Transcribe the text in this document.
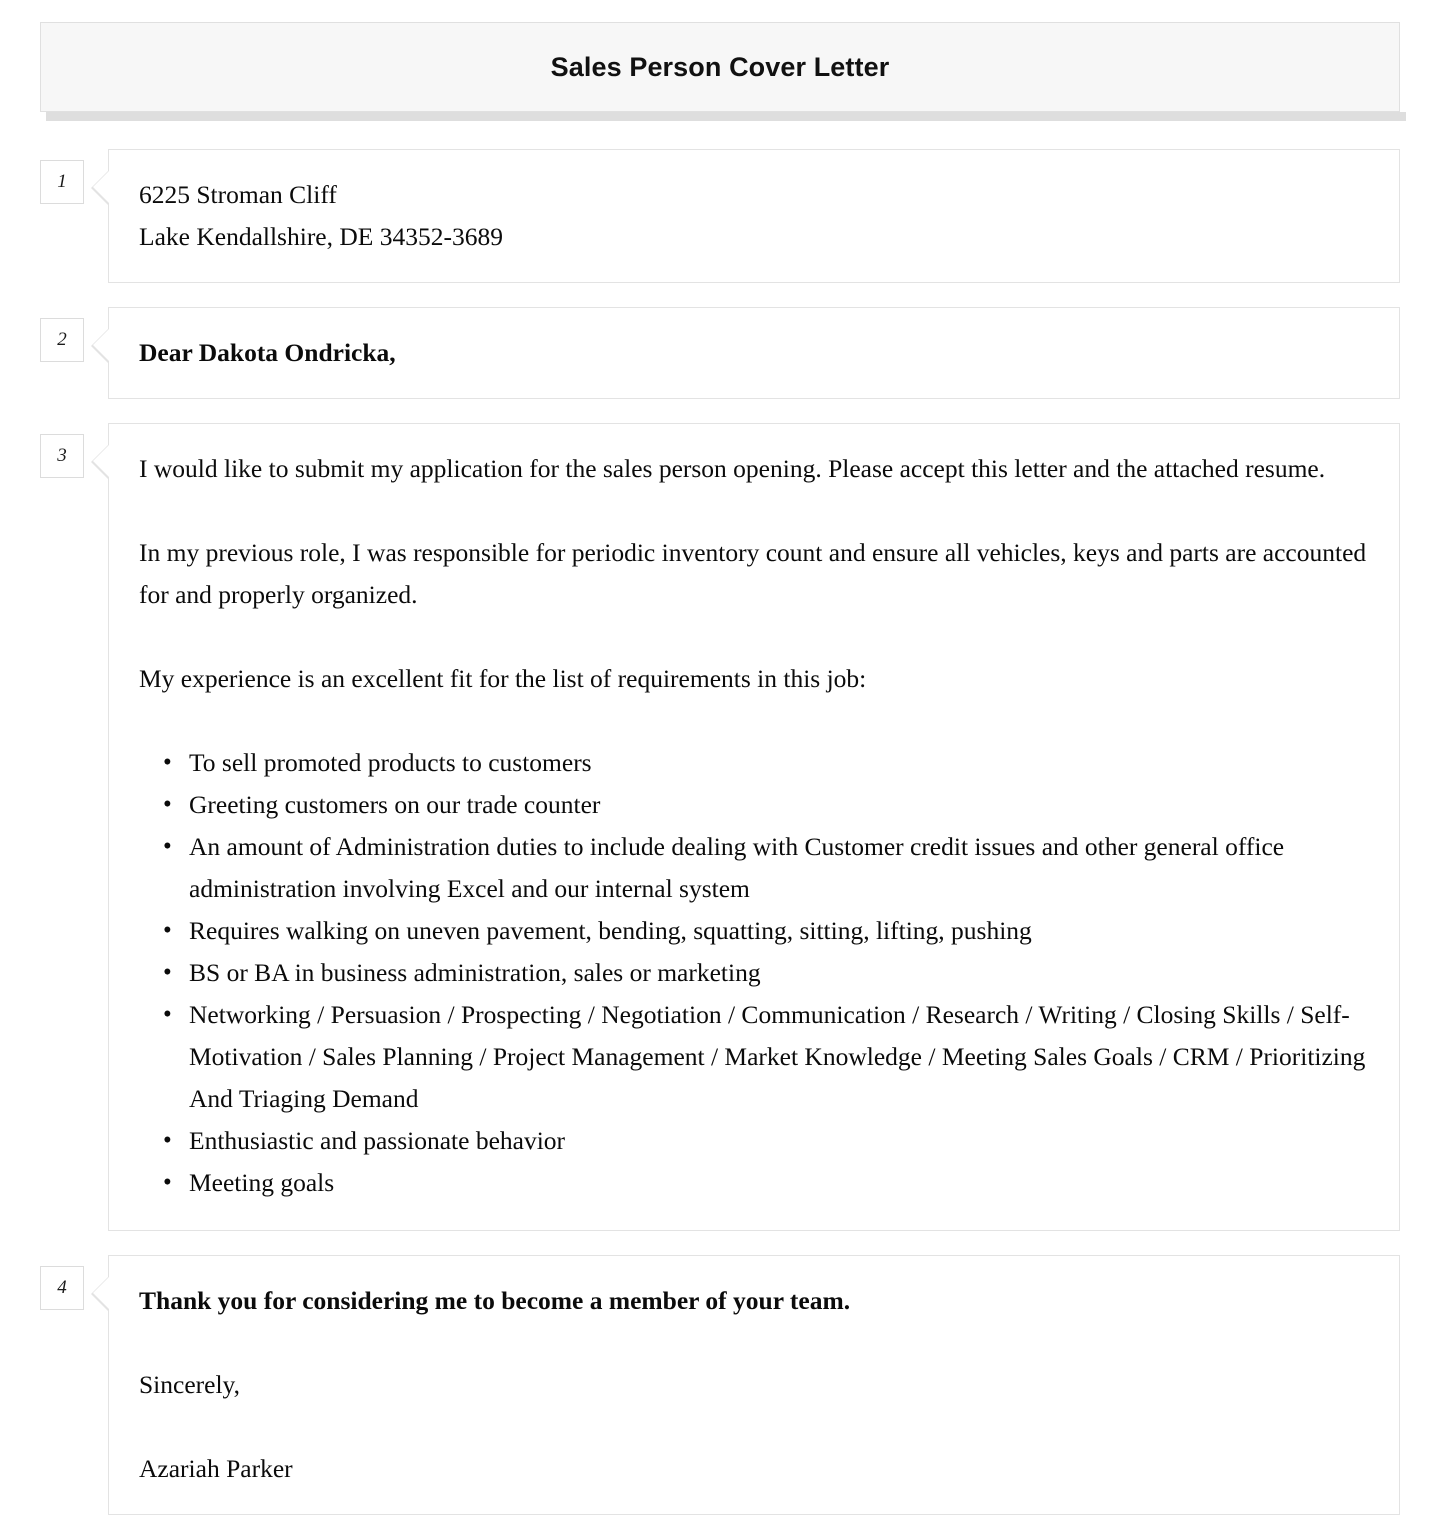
Sales Person Cover Letter
1	6225 Stroman Cliff
Lake Kendallshire, DE 34352-3689
2	Dear Dakota Ondricka,
3	I would like to submit my application for the sales person opening. Please accept this letter and the attached resume.

In my previous role, I was responsible for periodic inventory count and ensure all vehicles, keys and parts are accounted for and properly organized.

My experience is an excellent fit for the list of requirements in this job:

• To sell promoted products to customers
• Greeting customers on our trade counter
• An amount of Administration duties to include dealing with Customer credit issues and other general office administration involving Excel and our internal system
• Requires walking on uneven pavement, bending, squatting, sitting, lifting, pushing
• BS or BA in business administration, sales or marketing
• Networking / Persuasion / Prospecting / Negotiation / Communication / Research / Writing / Closing Skills / Self-Motivation / Sales Planning / Project Management / Market Knowledge / Meeting Sales Goals / CRM / Prioritizing And Triaging Demand
• Enthusiastic and passionate behavior
• Meeting goals
4	Thank you for considering me to become a member of your team.

Sincerely,

Azariah Parker
